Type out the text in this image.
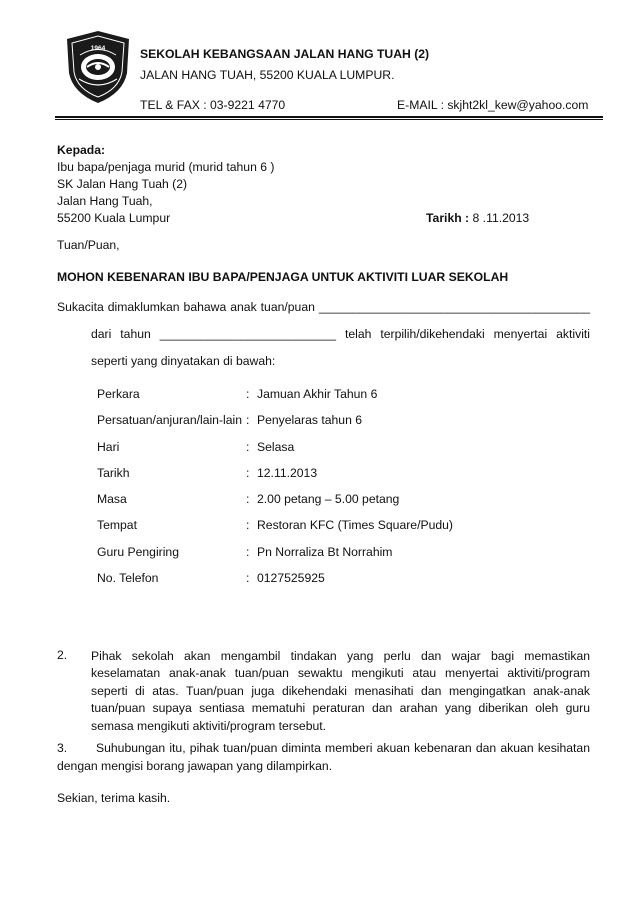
1964	SEKOLAH KEBANGSAAN JALAN HANG TUAH (2)
JALAN HANG TUAH, 55200 KUALA LUMPUR.
TEL & FAX : 03-9221 4770	E-MAIL : skjht2kl_kew@yahoo.com
Kepada:
Ibu bapa/penjaga murid (murid tahun 6 )
SK Jalan Hang Tuah (2)
Jalan Hang Tuah,
55200 Kuala Lumpur	Tarikh : 8 .11.2013
Tuan/Puan,
MOHON KEBENARAN IBU BAPA/PENJAGA UNTUK AKTIVITI LUAR SEKOLAH
Sukacita dimaklumkan bahawa anak tuan/puan ________________________________________
dari tahun __________________________ telah terpilih/dikehendaki menyertai aktiviti
seperti yang dinyatakan di bawah:
Perkara	: Jamuan Akhir Tahun 6
Persatuan/anjuran/lain-lain : Penyelaras tahun 6
Hari	: Selasa
Tarikh	: 12.11.2013
Masa	: 2.00 petang – 5.00 petang
Tempat	: Restoran KFC (Times Square/Pudu)
Guru Pengiring	: Pn Norraliza Bt Norrahim
No. Telefon	: 0127525925
2. Pihak sekolah akan mengambil tindakan yang perlu dan wajar bagi memastikan keselamatan anak-anak tuan/puan sewaktu mengikuti atau menyertai aktiviti/program seperti di atas. Tuan/puan juga dikehendaki menasihati dan mengingatkan anak-anak tuan/puan supaya sentiasa mematuhi peraturan dan arahan yang diberikan oleh guru semasa mengikuti aktiviti/program tersebut.
3. Suhubungan itu, pihak tuan/puan diminta memberi akuan kebenaran dan akuan kesihatan
dengan mengisi borang jawapan yang dilampirkan.
Sekian, terima kasih.
